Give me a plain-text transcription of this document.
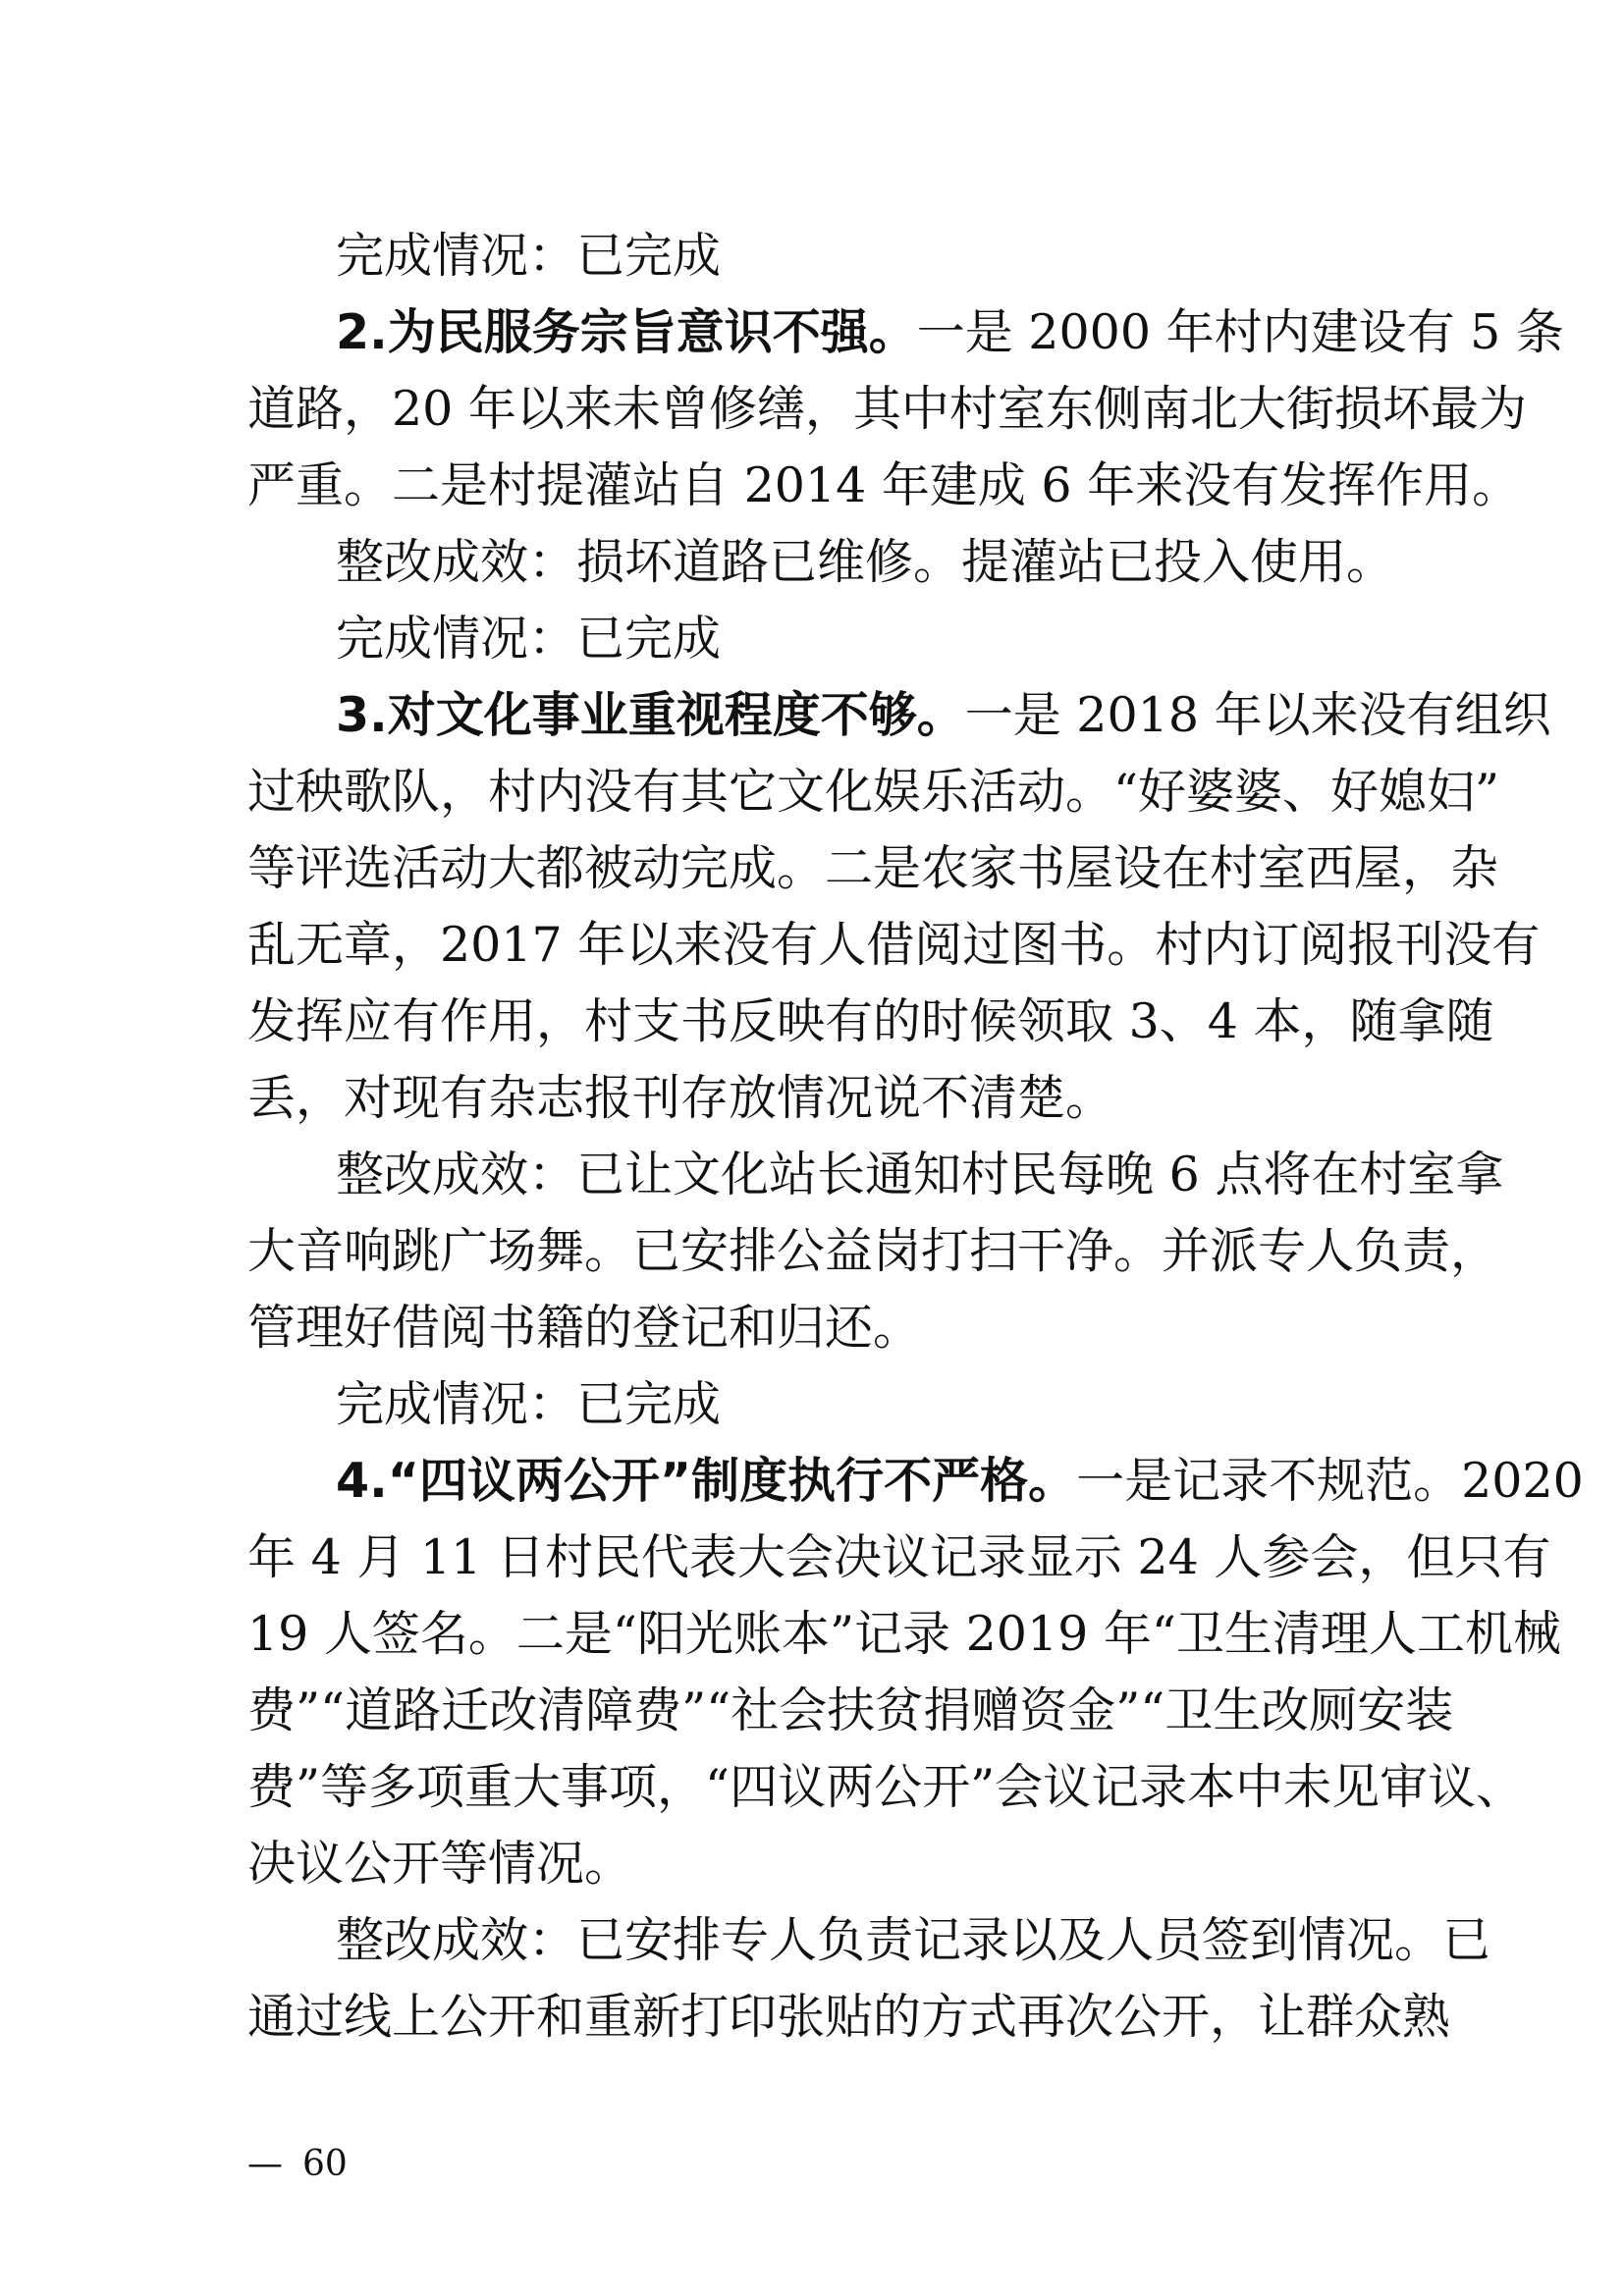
完成情况：已完成
2.为民服务宗旨意识不强。一是 2000 年村内建设有 5 条
道路，20 年以来未曾修缮，其中村室东侧南北大街损坏最为
严重。二是村提灌站自 2014 年建成 6 年来没有发挥作用。
整改成效：损坏道路已维修。提灌站已投入使用。
完成情况：已完成
3.对文化事业重视程度不够。一是 2018 年以来没有组织
过秧歌队，村内没有其它文化娱乐活动。“好婆婆、好媳妇”
等评选活动大都被动完成。二是农家书屋设在村室西屋，杂
乱无章，2017 年以来没有人借阅过图书。村内订阅报刊没有
发挥应有作用，村支书反映有的时候领取 3、4 本，随拿随
丢，对现有杂志报刊存放情况说不清楚。
整改成效：已让文化站长通知村民每晚 6 点将在村室拿
大音响跳广场舞。已安排公益岗打扫干净。并派专人负责，
管理好借阅书籍的登记和归还。
完成情况：已完成
4.“四议两公开”制度执行不严格。一是记录不规范。2020
年 4 月 11 日村民代表大会决议记录显示 24 人参会，但只有
19 人签名。二是“阳光账本”记录 2019 年“卫生清理人工机械
费”“道路迁改清障费”“社会扶贫捐赠资金”“卫生改厕安装
费”等多项重大事项，“四议两公开”会议记录本中未见审议、
决议公开等情况。
整改成效：已安排专人负责记录以及人员签到情况。已
通过线上公开和重新打印张贴的方式再次公开，让群众熟
— 60
